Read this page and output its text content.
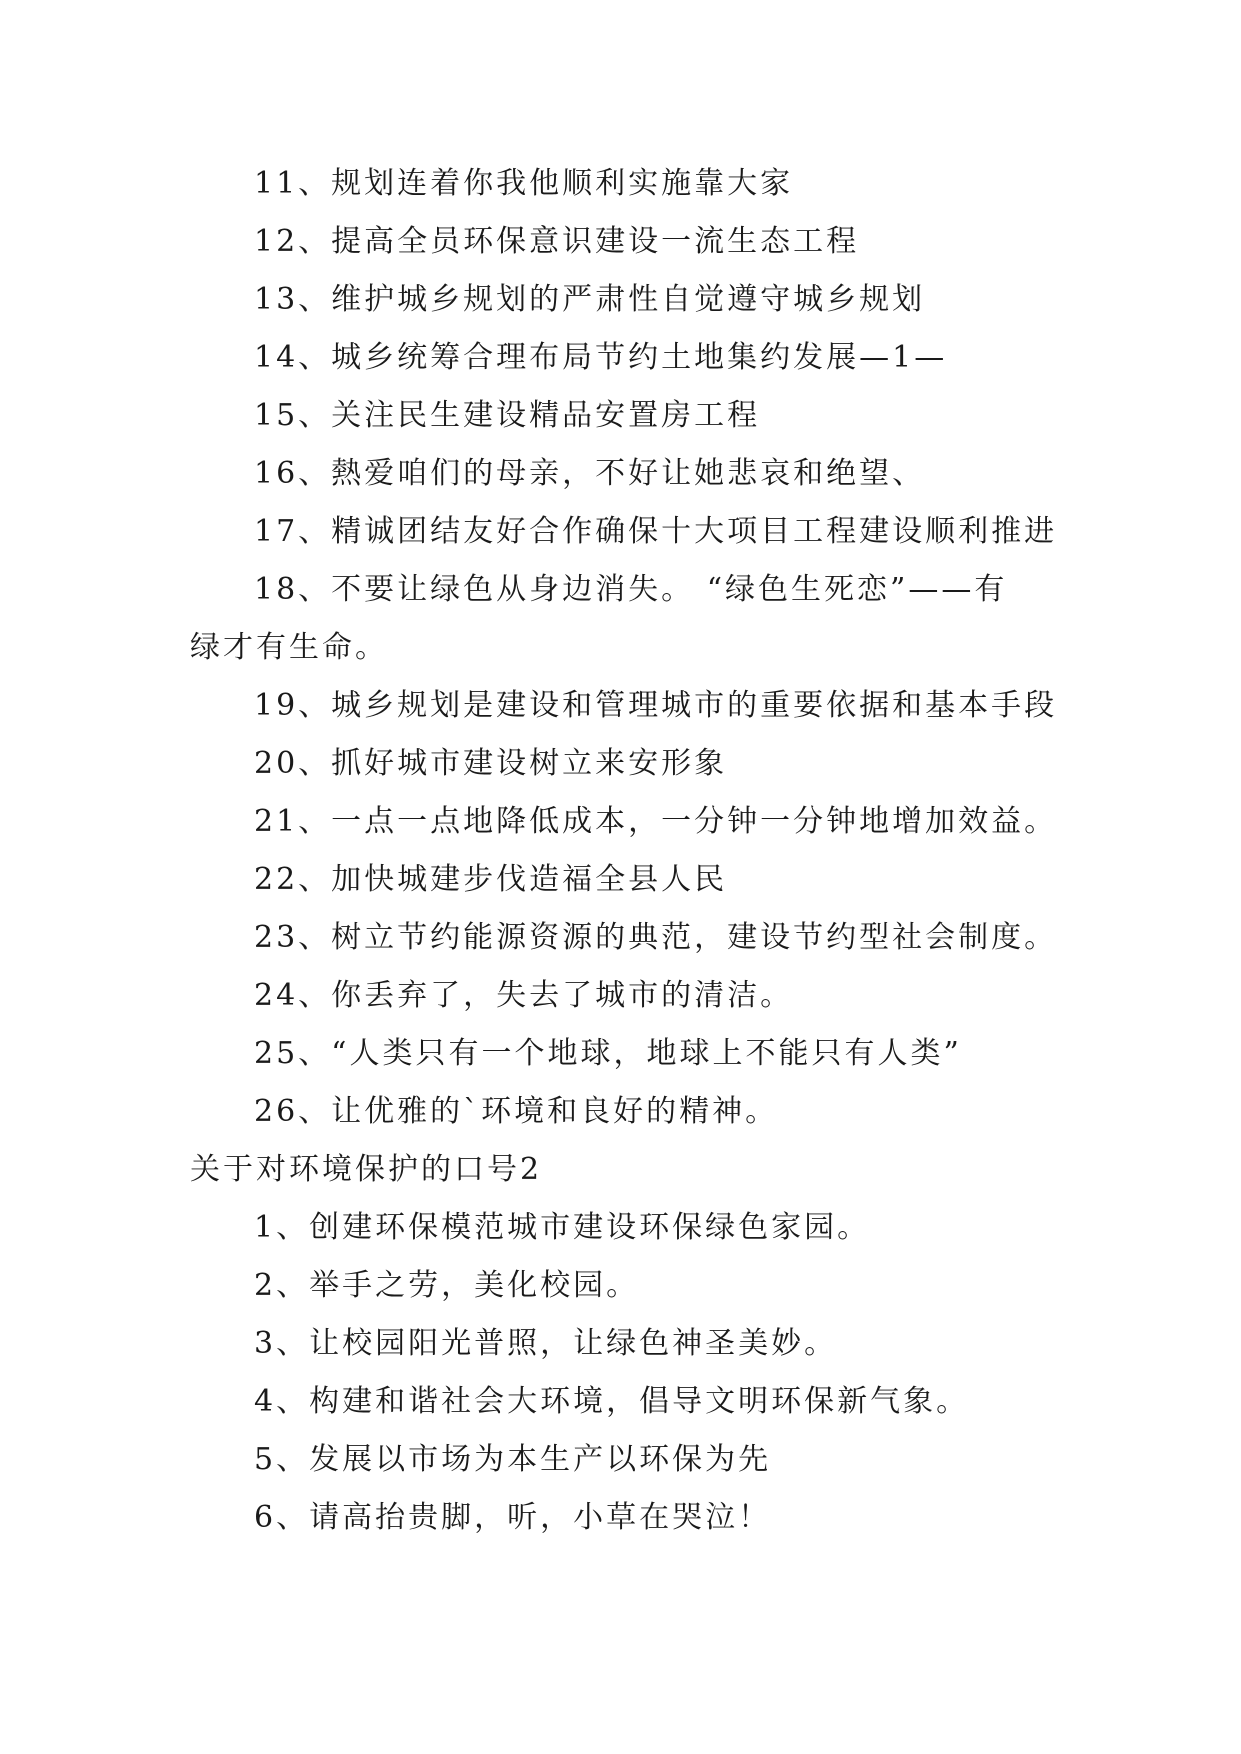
11、规划连着你我他顺利实施靠大家
12、提高全员环保意识建设一流生态工程
13、维护城乡规划的严肃性自觉遵守城乡规划
14、城乡统筹合理布局节约土地集约发展—1—
15、关注民生建设精品安置房工程
16、熱爱咱们的母亲，不好让她悲哀和绝望、
17、精诚团结友好合作确保十大项目工程建设顺利推进
18、不要让绿色从身边消失。 “绿色生死恋”——有
绿才有生命。
19、城乡规划是建设和管理城市的重要依据和基本手段
20、抓好城市建设树立来安形象
21、一点一点地降低成本，一分钟一分钟地增加效益。
22、加快城建步伐造福全县人民
23、树立节约能源资源的典范，建设节约型社会制度。
24、你丢弃了，失去了城市的清洁。
25、“人类只有一个地球，地球上不能只有人类”
26、让优雅的`环境和良好的精神。
关于对环境保护的口号2
1、创建环保模范城市建设环保绿色家园。
2、举手之劳，美化校园。
3、让校园阳光普照，让绿色神圣美妙。
4、构建和谐社会大环境，倡导文明环保新气象。
5、发展以市场为本生产以环保为先
6、请高抬贵脚，听，小草在哭泣！
